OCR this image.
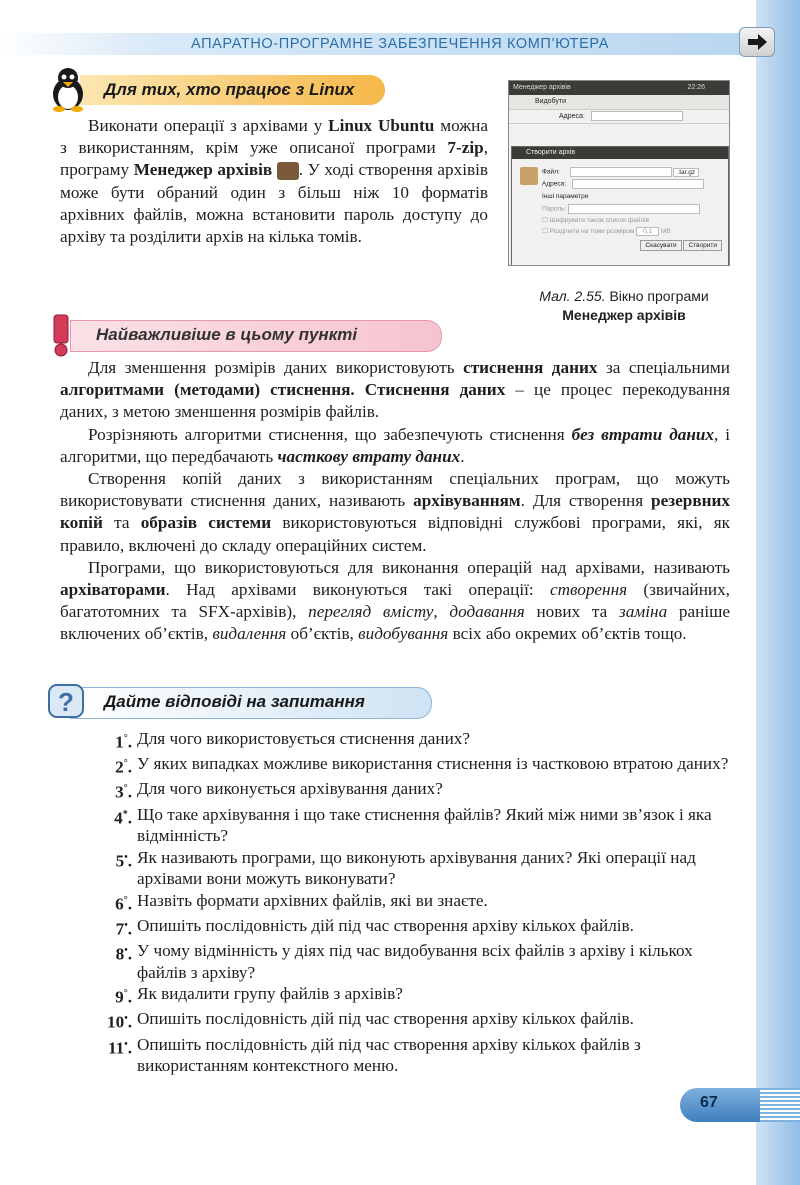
АПАРАТНО-ПРОГРАМНЕ ЗАБЕЗПЕЧЕННЯ КОМП’ЮТЕРА
Для тих, хто працює з Linux

Виконати операції з архівами у Linux Ubuntu можна з використанням, крім уже описаної програми 7-zip, програму Менеджер архівів . У ході створення архівів може бути обраний один з більш ніж 10 форматів архівних файлів, можна встановити пароль доступу до архіву та розділити архів на кілька томів.

Менеджер архівів	22:26
Видобути
Адреса:
Створити архів
Файл:	.tar.gz
Адреса:
Інші параметри
Пароль:
☐ Шифрувати також список файлів
☐ Розділити на томи розміром 0,1 MB
Скасувати Створити
Мал. 2.55. Вікно програми
Менеджер архівів
Найважливіше в цьому пункті

Для зменшення розмірів даних використовують стиснення даних за спеціальними алгоритмами (методами) стиснення. Стиснення даних – це процес перекодування даних, з метою зменшення розмірів файлів.

Розрізняють алгоритми стиснення, що забезпечують стиснення без втрати даних, і алгоритми, що передбачають часткову втрату даних.

Створення копій даних з використанням спеціальних програм, що можуть використовувати стиснення даних, називають архівуванням. Для створення резервних копій та образів системи використовуються відповідні службові програми, які, як правило, включені до складу операційних систем.

Програми, що використовуються для виконання операцій над архівами, називають архіваторами. Над архівами виконуються такі операції: створення (звичайних, багатотомних та SFX-архівів), перегляд вмісту, додавання нових та заміна раніше включених об’єктів, видалення об’єктів, видобування всіх або окремих об’єктів тощо.

? Дайте відповіді на запитання
1°. Для чого використовується стиснення даних?
2°. У яких випадках можливе використання стиснення із частковою втратою даних?
3°. Для чого виконується архівування даних?
4*. Що таке архівування і що таке стиснення файлів? Який між ними зв’язок і яка відмінність?
5•. Як називають програми, що виконують архівування даних? Які операції над архівами вони можуть виконувати?
6°. Назвіть формати архівних файлів, які ви знаєте.
7•. Опишіть послідовність дій під час створення архіву кількох файлів.
8•. У чому відмінність у діях під час видобування всіх файлів з архіву і кількох файлів з архіву?
9°. Як видалити групу файлів з архівів?
10•. Опишіть послідовність дій під час створення архіву кількох файлів.
11•. Опишіть послідовність дій під час створення архіву кількох файлів з використанням контекстного меню.
67
